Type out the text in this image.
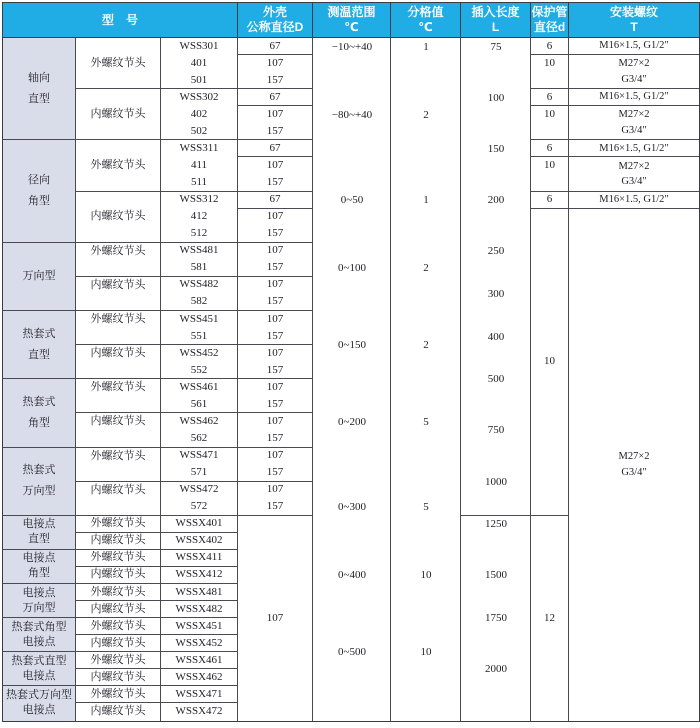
型　号
外壳
公称直径D
测温范围
℃
分格值
℃
插入长度
L
保护管
直径d
安装螺纹
T
轴向
直型
径向
角型
万向型
热套式
直型
热套式
角型
热套式
万向型
电接点
直型
电接点
角型
电接点
万向型
热套式角型
电接点
热套式直型
电接点
热套式万向型
电接点
外螺纹节头
内螺纹节头
外螺纹节头
内螺纹节头
外螺纹节头
内螺纹节头
外螺纹节头
内螺纹节头
外螺纹节头
内螺纹节头
外螺纹节头
内螺纹节头
外螺纹节头
内螺纹节头
外螺纹节头
内螺纹节头
外螺纹节头
内螺纹节头
外螺纹节头
内螺纹节头
外螺纹节头
内螺纹节头
外螺纹节头
内螺纹节头
WSS301
401
501
WSS302
402
502
WSS311
411
511
WSS312
412
512
WSS481
581
WSS482
582
WSS451
551
WSS452
552
WSS461
561
WSS462
562
WSS471
571
WSS472
572
WSSX401
WSSX402
WSSX411
WSSX412
WSSX481
WSSX482
WSSX451
WSSX452
WSSX461
WSSX462
WSSX471
WSSX472
67
107
157
67
107
157
67
107
157
67
107
157
107
157
107
157
107
157
107
157
107
157
107
157
107
157
107
157
107
−10~+40
−80~+40
0~50
0~100
0~150
0~200
0~300
0~400
0~500
1
2
1
2
2
5
5
10
10
75
100
150
200
250
300
400
500
750
1000
1250
1500
1750
2000
6
10
6
10
6
10
6
10
12
M16×1.5, G1/2″
M27×2
G3/4″
M16×1.5, G1/2″
M27×2
G3/4″
M16×1.5, G1/2″
M27×2
G3/4″
M16×1.5, G1/2″
M27×2
G3/4″
